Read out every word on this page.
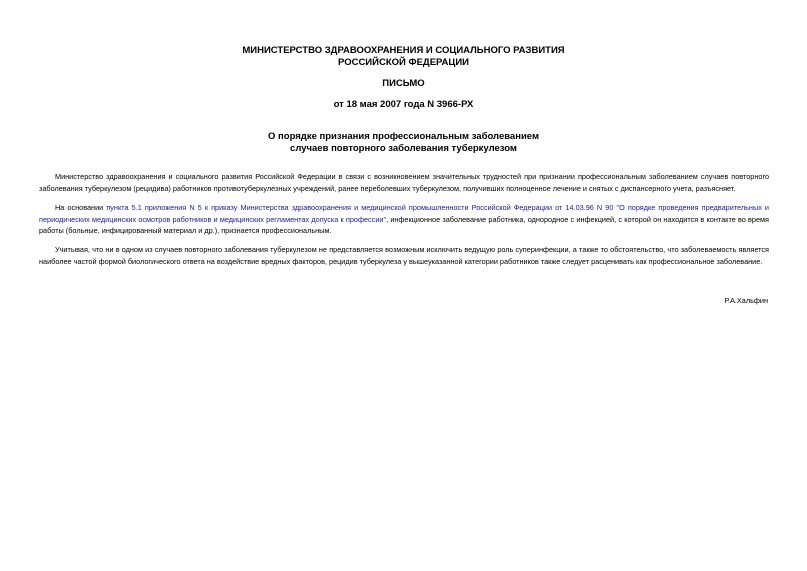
МИНИСТЕРСТВО ЗДРАВООХРАНЕНИЯ И СОЦИАЛЬНОГО РАЗВИТИЯ
РОССИЙСКОЙ ФЕДЕРАЦИИ
ПИСЬМО
от 18 мая 2007 года N 3966-РХ
О порядке признания профессиональным заболеванием
случаев повторного заболевания туберкулезом

Министерство здравоохранения и социального развития Российской Федерации в связи с возникновением значительных трудностей при признании профессиональным заболеванием случаев повторного заболевания туберкулезом (рецидива) работников противотуберкулезных учреждений, ранее переболевших туберкулезом, получивших полноценное лечение и снятых с диспансерного учета, разъясняет.

На основании пункта 5.1 приложения N 5 к приказу Министерства здравоохранения и медицинской промышленности Российской Федерации от 14.03.96 N 90 "О порядке проведения предварительных и периодических медицинских осмотров работников и медицинских регламентах допуска к профессии", инфекционное заболевание работника, однородное с инфекцией, с которой он находится в контакте во время работы (больные, инфицированный материал и др.), признается профессиональным.

Учитывая, что ни в одном из случаев повторного заболевания туберкулезом не представляется возможным исключить ведущую роль суперинфекции, а также то обстоятельство, что заболеваемость является наиболее частой формой биологического ответа на воздействие вредных факторов, рецидив туберкулеза у вышеуказанной категории работников также следует расценивать как профессиональное заболевание.

Р.А.Хальфин
